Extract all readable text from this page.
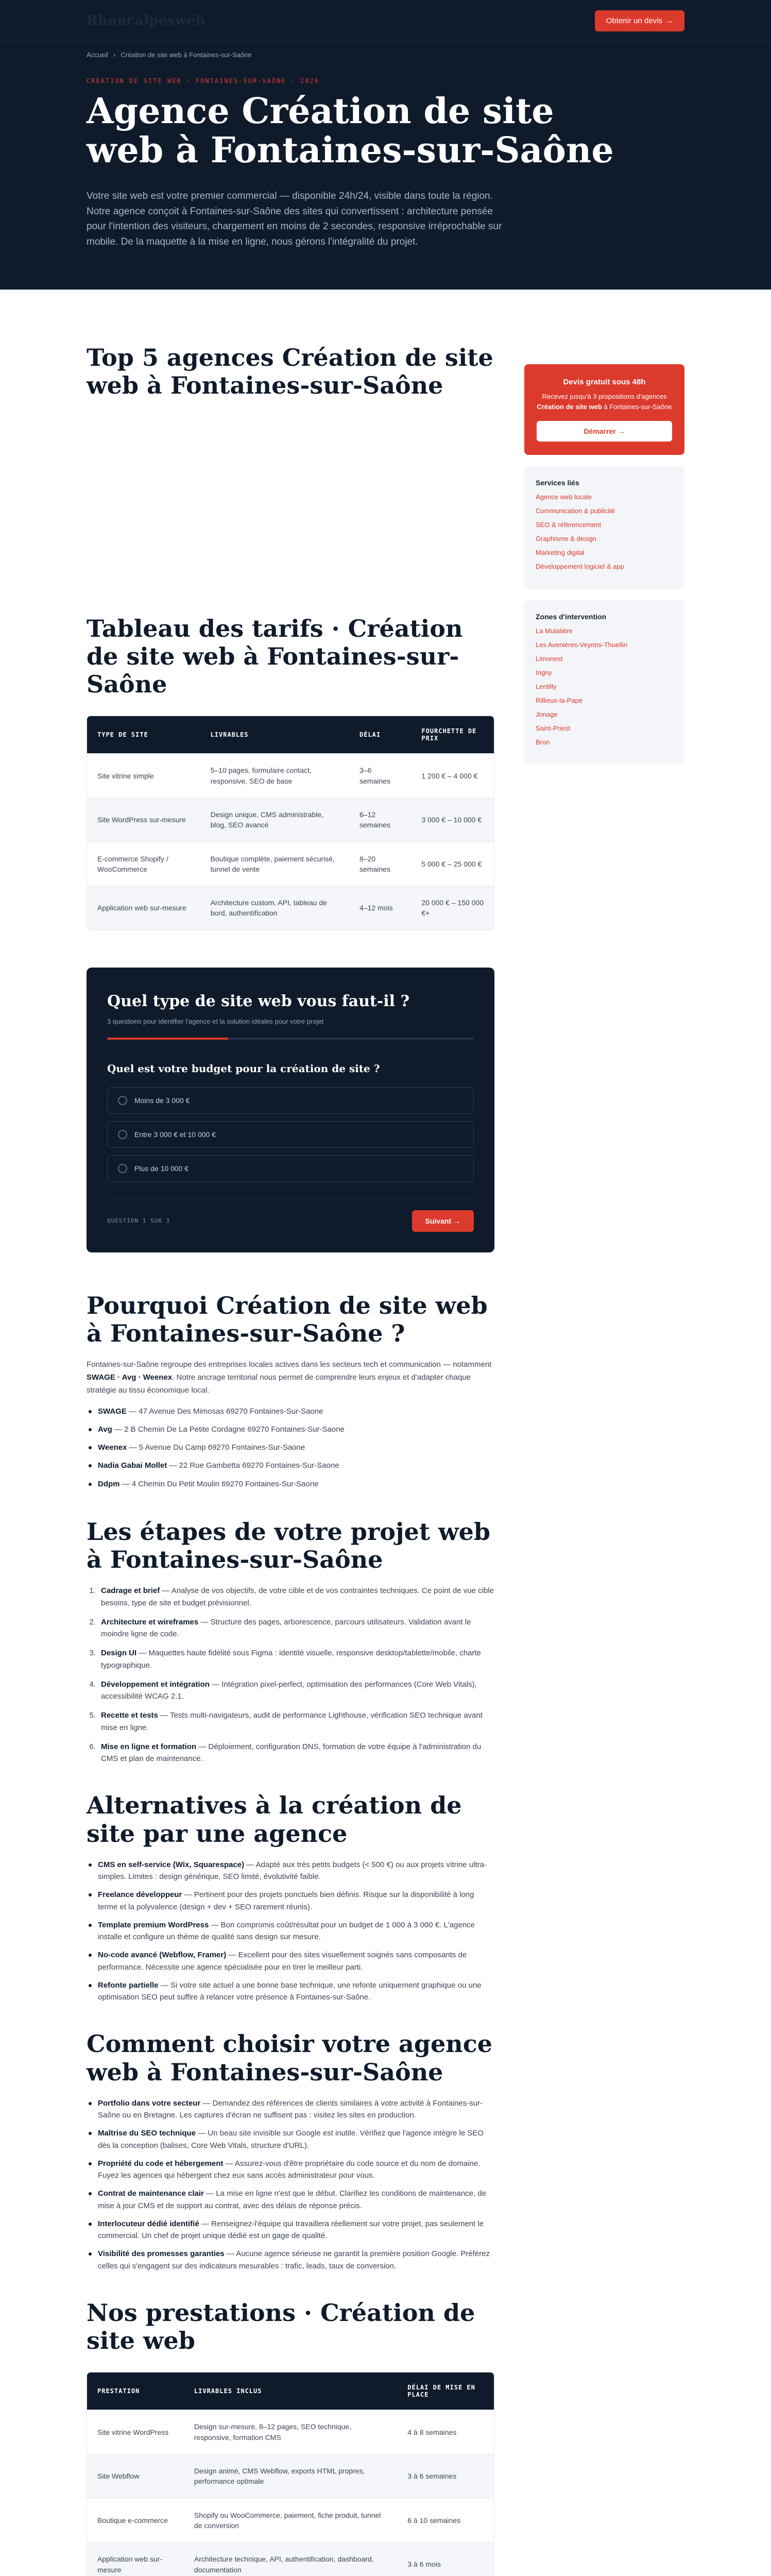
Rhoncalpesweb	Obtenir un devis →
Accueil › Création de site web à Fontaines-sur-Saône
CRÉATION DE SITE WEB · FONTAINES-SUR-SAÔNE · 2026
Agence Création de site web à Fontaines-sur-Saône

Votre site web est votre premier commercial — disponible 24h/24, visible dans toute la région. Notre agence conçoit à Fontaines-sur-Saône des sites qui convertissent : architecture pensée pour l'intention des visiteurs, chargement en moins de 2 secondes, responsive irréprochable sur mobile. De la maquette à la mise en ligne, nous gérons l'intégralité du projet.

Top 5 agences Création de site web à Fontaines-sur-Saône
Tableau des tarifs · Création de site web à Fontaines-sur-Saône
TYPE DE SITE	LIVRABLES	DÉLAI	FOURCHETTE DE PRIX
Site vitrine simple	5–10 pages, formulaire contact, responsive, SEO de base	3–6 semaines	1 200 € – 4 000 €
Site WordPress sur-mesure	Design unique, CMS administrable, blog, SEO avancé	6–12 semaines	3 000 € – 10 000 €
E-commerce Shopify / WooCommerce	Boutique complète, paiement sécurisé, tunnel de vente	8–20 semaines	5 000 € – 25 000 €
Application web sur-mesure	Architecture custom, API, tableau de bord, authentification	4–12 mois	20 000 € – 150 000 €+
Quel type de site web vous faut-il ?
3 questions pour identifier l'agence et la solution idéales pour votre projet
Quel est votre budget pour la création de site ?
Moins de 3 000 €
Entre 3 000 € et 10 000 €
Plus de 10 000 €
QUESTION 1 SUR 3	Suivant →
Pourquoi Création de site web à Fontaines-sur-Saône ?

Fontaines-sur-Saône regroupe des entreprises locales actives dans les secteurs tech et communication — notamment SWAGE · Avg · Weenex. Notre ancrage territorial nous permet de comprendre leurs enjeux et d'adapter chaque stratégie au tissu économique local.

SWAGE — 47 Avenue Des Mimosas 69270 Fontaines-Sur-Saone
Avg — 2 B Chemin De La Petite Cordagne 69270 Fontaines-Sur-Saone
Weenex — 5 Avenue Du Camp 69270 Fontaines-Sur-Saone
Nadia Gabai Mollet — 22 Rue Gambetta 69270 Fontaines-Sur-Saone
Ddpm — 4 Chemin Du Petit Moulin 69270 Fontaines-Sur-Saone
Les étapes de votre projet web à Fontaines-sur-Saône
1. Cadrage et brief — Analyse de vos objectifs, de votre cible et de vos contraintes techniques. Ce point de vue cible besoins, type de site et budget prévisionnel.
2. Architecture et wireframes — Structure des pages, arborescence, parcours utilisateurs. Validation avant le moindre ligne de code.
3. Design UI — Maquettes haute fidélité sous Figma : identité visuelle, responsive desktop/tablette/mobile, charte typographique.
4. Développement et intégration — Intégration pixel-perfect, optimisation des performances (Core Web Vitals), accessibilité WCAG 2.1.
5. Recette et tests — Tests multi-navigateurs, audit de performance Lighthouse, vérification SEO technique avant mise en ligne.
6. Mise en ligne et formation — Déploiement, configuration DNS, formation de votre équipe à l'administration du CMS et plan de maintenance.
Alternatives à la création de site par une agence
CMS en self-service (Wix, Squarespace) — Adapté aux très petits budgets (< 500 €) ou aux projets vitrine ultra-simples. Limites : design générique, SEO limité, évolutivité faible.
Freelance développeur — Pertinent pour des projets ponctuels bien définis. Risque sur la disponibilité à long terme et la polyvalence (design + dev + SEO rarement réunis).
Template premium WordPress — Bon compromis coût/résultat pour un budget de 1 000 à 3 000 €. L'agence installe et configure un thème de qualité sans design sur mesure.
No-code avancé (Webflow, Framer) — Excellent pour des sites visuellement soignés sans composants de performance. Nécessite une agence spécialisée pour en tirer le meilleur parti.
Refonte partielle — Si votre site actuel a une bonne base technique, une refonte uniquement graphique ou une optimisation SEO peut suffire à relancer votre présence à Fontaines-sur-Saône.
Comment choisir votre agence web à Fontaines-sur-Saône
Portfolio dans votre secteur — Demandez des références de clients similaires à votre activité à Fontaines-sur-Saône ou en Bretagne. Les captures d'écran ne suffisent pas : visitez les sites en production.
Maîtrise du SEO technique — Un beau site invisible sur Google est inutile. Vérifiez que l'agence intègre le SEO dès la conception (balises, Core Web Vitals, structure d'URL).
Propriété du code et hébergement — Assurez-vous d'être propriétaire du code source et du nom de domaine. Fuyez les agences qui hébergent chez eux sans accès administrateur pour vous.
Contrat de maintenance clair — La mise en ligne n'est que le début. Clarifiez les conditions de maintenance, de mise à jour CMS et de support au contrat, avec des délais de réponse précis.
Interlocuteur dédié identifié — Renseignez-l'équipe qui travaillera réellement sur votre projet, pas seulement le commercial. Un chef de projet unique dédié est un gage de qualité.
Visibilité des promesses garanties — Aucune agence sérieuse ne garantit la première position Google. Préférez celles qui s'engagent sur des indicateurs mesurables : trafic, leads, taux de conversion.
Nos prestations · Création de site web
PRESTATION	LIVRABLES INCLUS	DÉLAI DE MISE EN PLACE
Site vitrine WordPress	Design sur-mesure, 8–12 pages, SEO technique, responsive, formation CMS	4 à 8 semaines
Site Webflow	Design animé, CMS Webflow, exports HTML propres, performance optimale	3 à 6 semaines
Boutique e-commerce	Shopify ou WooCommerce, paiement, fiche produit, tunnel de conversion	6 à 10 semaines
Application web sur-mesure	Architecture technique, API, authentification, dashboard, documentation	3 à 6 mois

Devis gratuit sous 48h
Recevez jusqu'à 3 propositions d'agences Création de site web à Fontaines-sur-Saône
Démarrer →
Services liés
Agence web locale
Communication & publicité
SEO & référencement
Graphisme & design
Marketing digital
Développement logiciel & app
Zones d'intervention
La Mulatière
Les Avenières-Veyrins-Thuellin
Limonest
Irigny
Lentilly
Rillieux-la-Pape
Jonage
Saint-Priest
Bron
